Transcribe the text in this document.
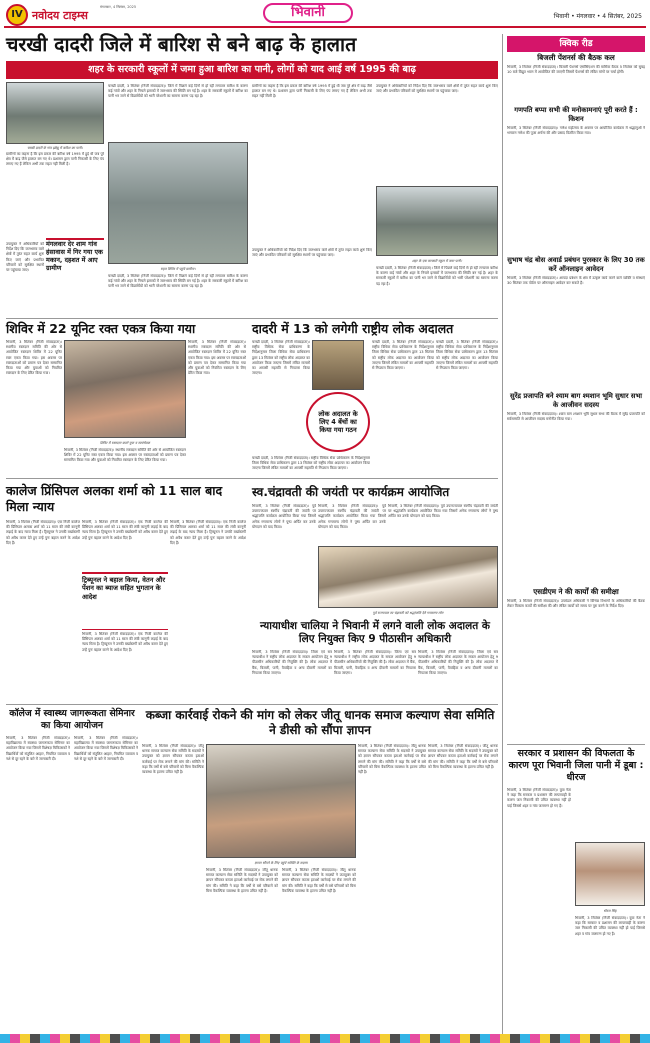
IV नवोदय टाइम्स
मंगलवार, 4 सितंबर, 2025	भिवानी	भिवानी • मंगलवार • 4 सितंबर, 2025
चरखी दादरी जिले में बारिश से बने बाढ़ के हालात
शहर के सरकारी स्कूलों में जमा हुआ बारिश का पानी, लोगों को याद आई वर्ष 1995 की बाढ़
चरखी दादरी, 3 सितंबर (निजी संवाददाता)। जिले में पिछले कई दिनों से हो रही लगातार बारिश के कारण कई गांवों और शहर के निचले इलाकों में जलभराव की स्थिति बन गई है। शहर के सरकारी स्कूलों में बारिश का पानी भर जाने से विद्यार्थियों को भारी परेशानी का सामना करना पड़ रहा है।
ग्रामीणों का कहना है कि इस प्रकार की बारिश वर्ष 1995 में हुई थी जब पूरे क्षेत्र में बाढ़ जैसे हालात बन गए थे। प्रशासन द्वारा पानी निकासी के लिए पंप लगाए गए हैं लेकिन अभी तक राहत नहीं मिली है।
उपायुक्त ने अधिकारियों को निर्देश दिए कि जलभराव वाले क्षेत्रों में तुरंत राहत कार्य शुरू किए जाएं और प्रभावित परिवारों को सुरक्षित स्थानों पर पहुंचाया जाए।
चरखी दादरी के गांव झोझू में बारिश का पानी।
ग्रामीणों का कहना है कि इस प्रकार की बारिश वर्ष 1995 में हुई थी जब पूरे क्षेत्र में बाढ़ जैसे हालात बन गए थे। प्रशासन द्वारा पानी निकासी के लिए पंप लगाए गए हैं लेकिन अभी तक राहत नहीं मिली है।
राहत शिविर में पहुंचे ग्रामीण।
शहर के एक सरकारी स्कूल में जमा पानी।
उपायुक्त ने अधिकारियों को निर्देश दिए कि जलभराव वाले क्षेत्रों में तुरंत राहत कार्य शुरू किए जाएं और प्रभावित परिवारों को सुरक्षित स्थानों पर पहुंचाया जाए।
चरखी दादरी, 3 सितंबर (निजी संवाददाता)। जिले में पिछले कई दिनों से हो रही लगातार बारिश के कारण कई गांवों और शहर के निचले इलाकों में जलभराव की स्थिति बन गई है। शहर के सरकारी स्कूलों में बारिश का पानी भर जाने से विद्यार्थियों को भारी परेशानी का सामना करना पड़ रहा है।
मंगलवार देर शाम गांव हंसावास में गिर गया एक मकान, दहशत में आए ग्रामीण
उपायुक्त ने अधिकारियों को निर्देश दिए कि जलभराव वाले क्षेत्रों में तुरंत राहत कार्य शुरू किए जाएं और प्रभावित परिवारों को सुरक्षित स्थानों पर पहुंचाया जाए।
चरखी दादरी, 3 सितंबर (निजी संवाददाता)। जिले में पिछले कई दिनों से हो रही लगातार बारिश के कारण कई गांवों और शहर के निचले इलाकों में जलभराव की स्थिति बन गई है। शहर के सरकारी स्कूलों में बारिश का पानी भर जाने से विद्यार्थियों को भारी परेशानी का सामना करना पड़ रहा है।
शिविर में 22 यूनिट रक्त एकत्र किया गया
भिवानी, 3 सितंबर (निजी संवाददाता)। स्थानीय रक्तदान समिति की ओर से आयोजित रक्तदान शिविर में 22 यूनिट रक्त एकत्र किया गया। इस अवसर पर रक्तदाताओं को प्रमाण पत्र देकर सम्मानित किया गया और युवाओं को नियमित रक्तदान के लिए प्रेरित किया गया।
शिविर में रक्तदान करते युवा व स्वयंसेवक
भिवानी, 3 सितंबर (निजी संवाददाता)। स्थानीय रक्तदान समिति की ओर से आयोजित रक्तदान शिविर में 22 यूनिट रक्त एकत्र किया गया। इस अवसर पर रक्तदाताओं को प्रमाण पत्र देकर सम्मानित किया गया और युवाओं को नियमित रक्तदान के लिए प्रेरित किया गया।
भिवानी, 3 सितंबर (निजी संवाददाता)। स्थानीय रक्तदान समिति की ओर से आयोजित रक्तदान शिविर में 22 यूनिट रक्त एकत्र किया गया। इस अवसर पर रक्तदाताओं को प्रमाण पत्र देकर सम्मानित किया गया और युवाओं को नियमित रक्तदान के लिए प्रेरित किया गया।
दादरी में 13 को लगेगी राष्ट्रीय लोक अदालत
चरखी दादरी, 3 सितंबर (निजी संवाददाता)। राष्ट्रीय विधिक सेवा प्राधिकरण के निर्देशानुसार जिला विधिक सेवा प्राधिकरण द्वारा 13 सितंबर को राष्ट्रीय लोक अदालत का आयोजन किया जाएगा जिसमें लंबित मामलों का आपसी सहमति से निपटारा किया जाएगा।
लोक अदालत के लिए 4 बेंचों का किया गया गठन
चरखी दादरी, 3 सितंबर (निजी संवाददाता)। राष्ट्रीय विधिक सेवा प्राधिकरण के निर्देशानुसार जिला विधिक सेवा प्राधिकरण द्वारा 13 सितंबर को राष्ट्रीय लोक अदालत का आयोजन किया जाएगा जिसमें लंबित मामलों का आपसी सहमति से निपटारा किया जाएगा।
चरखी दादरी, 3 सितंबर (निजी संवाददाता)। राष्ट्रीय विधिक सेवा प्राधिकरण के निर्देशानुसार जिला विधिक सेवा प्राधिकरण द्वारा 13 सितंबर को राष्ट्रीय लोक अदालत का आयोजन किया जाएगा जिसमें लंबित मामलों का आपसी सहमति से निपटारा किया जाएगा।
चरखी दादरी, 3 सितंबर (निजी संवाददाता)। राष्ट्रीय विधिक सेवा प्राधिकरण के निर्देशानुसार जिला विधिक सेवा प्राधिकरण द्वारा 13 सितंबर को राष्ट्रीय लोक अदालत का आयोजन किया जाएगा जिसमें लंबित मामलों का आपसी सहमति से निपटारा किया जाएगा।
कालेज प्रिंसिपल अलका शर्मा को 11 साल बाद मिला न्याय
भिवानी, 3 सितंबर (निजी संवाददाता)। एक निजी कालेज की प्रिंसिपल अलका शर्मा को 11 साल की लंबी कानूनी लड़ाई के बाद न्याय मिला है। ट्रिब्यूनल ने उनकी बर्खास्तगी को अवैध करार देते हुए उन्हें पुनः बहाल करने के आदेश दिए हैं।
ट्रिब्यूनल ने बहाल किया, वेतन और पेंशन का ब्याज सहित भुगतान के आदेश
भिवानी, 3 सितंबर (निजी संवाददाता)। एक निजी कालेज की प्रिंसिपल अलका शर्मा को 11 साल की लंबी कानूनी लड़ाई के बाद न्याय मिला है। ट्रिब्यूनल ने उनकी बर्खास्तगी को अवैध करार देते हुए उन्हें पुनः बहाल करने के आदेश दिए हैं।
भिवानी, 3 सितंबर (निजी संवाददाता)। एक निजी कालेज की प्रिंसिपल अलका शर्मा को 11 साल की लंबी कानूनी लड़ाई के बाद न्याय मिला है। ट्रिब्यूनल ने उनकी बर्खास्तगी को अवैध करार देते हुए उन्हें पुनः बहाल करने के आदेश दिए हैं।
भिवानी, 3 सितंबर (निजी संवाददाता)। एक निजी कालेज की प्रिंसिपल अलका शर्मा को 11 साल की लंबी कानूनी लड़ाई के बाद न्याय मिला है। ट्रिब्यूनल ने उनकी बर्खास्तगी को अवैध करार देते हुए उन्हें पुनः बहाल करने के आदेश दिए हैं।
स्व.चंद्रावती की जयंती पर कार्यक्रम आयोजित
भिवानी, 3 सितंबर (निजी संवाददाता)। पूर्व उपराज्यपाल स्वर्गीय चंद्रावती की जयंती पर श्रद्धांजलि कार्यक्रम आयोजित किया गया जिसमें अनेक गणमान्य लोगों ने पुष्प अर्पित कर उनके योगदान को याद किया।
भिवानी, 3 सितंबर (निजी संवाददाता)। पूर्व उपराज्यपाल स्वर्गीय चंद्रावती की जयंती पर श्रद्धांजलि कार्यक्रम आयोजित किया गया जिसमें अनेक गणमान्य लोगों ने पुष्प अर्पित कर उनके योगदान को याद किया।
भिवानी, 3 सितंबर (निजी संवाददाता)। पूर्व उपराज्यपाल स्वर्गीय चंद्रावती की जयंती पर श्रद्धांजलि कार्यक्रम आयोजित किया गया जिसमें अनेक गणमान्य लोगों ने पुष्प अर्पित कर उनके योगदान को याद किया।
पूर्व राज्यपाल स्व चंद्रावती को श्रद्धांजलि देते गणमान्य लोग
न्यायाधीश चालिया ने भिवानी में लगने वाली लोक अदालत के लिए नियुक्त किए 9 पीठासीन अधिकारी
भिवानी, 3 सितंबर (निजी संवाददाता)। जिला एवं सत्र न्यायाधीश ने राष्ट्रीय लोक अदालत के सफल आयोजन हेतु 9 पीठासीन अधिकारियों की नियुक्ति की है। लोक अदालत में बैंक, बिजली, पानी, वैवाहिक व अन्य दीवानी मामलों का निपटारा किया जाएगा।
भिवानी, 3 सितंबर (निजी संवाददाता)। जिला एवं सत्र न्यायाधीश ने राष्ट्रीय लोक अदालत के सफल आयोजन हेतु 9 पीठासीन अधिकारियों की नियुक्ति की है। लोक अदालत में बैंक, बिजली, पानी, वैवाहिक व अन्य दीवानी मामलों का निपटारा किया जाएगा।
भिवानी, 3 सितंबर (निजी संवाददाता)। जिला एवं सत्र न्यायाधीश ने राष्ट्रीय लोक अदालत के सफल आयोजन हेतु 9 पीठासीन अधिकारियों की नियुक्ति की है। लोक अदालत में बैंक, बिजली, पानी, वैवाहिक व अन्य दीवानी मामलों का निपटारा किया जाएगा।
कॉलेज में स्वास्थ्य जागरूकता सेमिनार का किया आयोजन
भिवानी, 3 सितंबर (निजी संवाददाता)। महाविद्यालय में स्वास्थ्य जागरूकता सेमिनार का आयोजन किया गया जिसमें विशेषज्ञ चिकित्सकों ने विद्यार्थियों को संतुलित आहार, नियमित व्यायाम व नशे से दूर रहने के बारे में जानकारी दी।
भिवानी, 3 सितंबर (निजी संवाददाता)। महाविद्यालय में स्वास्थ्य जागरूकता सेमिनार का आयोजन किया गया जिसमें विशेषज्ञ चिकित्सकों ने विद्यार्थियों को संतुलित आहार, नियमित व्यायाम व नशे से दूर रहने के बारे में जानकारी दी।
कब्जा कार्रवाई रोकने की मांग को लेकर जीतू धानक समाज कल्याण सेवा समिति ने डीसी को सौंपा ज्ञापन
भिवानी, 3 सितंबर (निजी संवाददाता)। जीतू धानक समाज कल्याण सेवा समिति के सदस्यों ने उपायुक्त को ज्ञापन सौंपकर कब्जा हटाओ कार्रवाई पर रोक लगाने की मांग की। समिति ने कहा कि वर्षों से बसे परिवारों को बिना वैकल्पिक व्यवस्था के हटाना उचित नहीं है।
ज्ञापन सौंपने के लिए पहुंचे समिति के सदस्य
भिवानी, 3 सितंबर (निजी संवाददाता)। जीतू धानक समाज कल्याण सेवा समिति के सदस्यों ने उपायुक्त को ज्ञापन सौंपकर कब्जा हटाओ कार्रवाई पर रोक लगाने की मांग की। समिति ने कहा कि वर्षों से बसे परिवारों को बिना वैकल्पिक व्यवस्था के हटाना उचित नहीं है।
भिवानी, 3 सितंबर (निजी संवाददाता)। जीतू धानक समाज कल्याण सेवा समिति के सदस्यों ने उपायुक्त को ज्ञापन सौंपकर कब्जा हटाओ कार्रवाई पर रोक लगाने की मांग की। समिति ने कहा कि वर्षों से बसे परिवारों को बिना वैकल्पिक व्यवस्था के हटाना उचित नहीं है।
भिवानी, 3 सितंबर (निजी संवाददाता)। जीतू धानक समाज कल्याण सेवा समिति के सदस्यों ने उपायुक्त को ज्ञापन सौंपकर कब्जा हटाओ कार्रवाई पर रोक लगाने की मांग की। समिति ने कहा कि वर्षों से बसे परिवारों को बिना वैकल्पिक व्यवस्था के हटाना उचित नहीं है।
भिवानी, 3 सितंबर (निजी संवाददाता)। जीतू धानक समाज कल्याण सेवा समिति के सदस्यों ने उपायुक्त को ज्ञापन सौंपकर कब्जा हटाओ कार्रवाई पर रोक लगाने की मांग की। समिति ने कहा कि वर्षों से बसे परिवारों को बिना वैकल्पिक व्यवस्था के हटाना उचित नहीं है।
क्विक रीड
बिजली पेंशनर्स की बैठक कल
भिवानी, 3 सितंबर (निजी संवाददाता)। बिजली पेंशनर्स एसोसिएशन की मासिक बैठक 5 सितंबर को सुबह 10 बजे विद्युत भवन में आयोजित की जाएगी जिसमें पेंशनर्स की लंबित मांगों पर चर्चा होगी।
गणपति बप्पा सभी की मनोकामनाएं पूरी करते हैं : किशन
भिवानी, 3 सितंबर (निजी संवाददाता)। गणेश महोत्सव के अवसर पर आयोजित कार्यक्रम में श्रद्धालुओं ने भगवान गणेश की पूजा अर्चना की और प्रसाद वितरित किया गया।
सुभाष चंद्र बोस अवार्ड प्रबंधन पुरस्कार के लिए 30 तक करें ऑनलाइन आवेदन
भिवानी, 3 सितंबर (निजी संवाददाता)। आपदा प्रबंधन के क्षेत्र में उत्कृष्ट कार्य करने वाले व्यक्ति व संस्थाएं 30 सितंबर तक पोर्टल पर ऑनलाइन आवेदन कर सकते हैं।
सुरेंद्र प्रजापति बने श्याम बाग श्मशान भूमि सुधार सभा के आजीवन सदस्य
भिवानी, 3 सितंबर (निजी संवाददाता)। श्याम बाग श्मशान भूमि सुधार सभा की बैठक में सुरेंद्र प्रजापति को सर्वसम्मति से आजीवन सदस्य मनोनीत किया गया।
एसडीएम ने की कार्यों की समीक्षा
भिवानी, 3 सितंबर (निजी संवाददाता)। उपमंडल अधिकारी ने विभिन्न विभागों के अधिकारियों की बैठक लेकर विकास कार्यों की समीक्षा की और लंबित कार्यों को समय पर पूरा करने के निर्देश दिए।
सरकार व प्रशासन की विफलता के कारण पूरा भिवानी जिला पानी में डूबा : धीरज
भिवानी, 3 सितंबर (निजी संवाददाता)। युवा नेता ने कहा कि सरकार व प्रशासन की लापरवाही के कारण जल निकासी की उचित व्यवस्था नहीं हो पाई जिससे शहर व गांव जलमग्न हो गए हैं।
धीरज सिंह
भिवानी, 3 सितंबर (निजी संवाददाता)। युवा नेता ने कहा कि सरकार व प्रशासन की लापरवाही के कारण जल निकासी की उचित व्यवस्था नहीं हो पाई जिससे शहर व गांव जलमग्न हो गए हैं।
